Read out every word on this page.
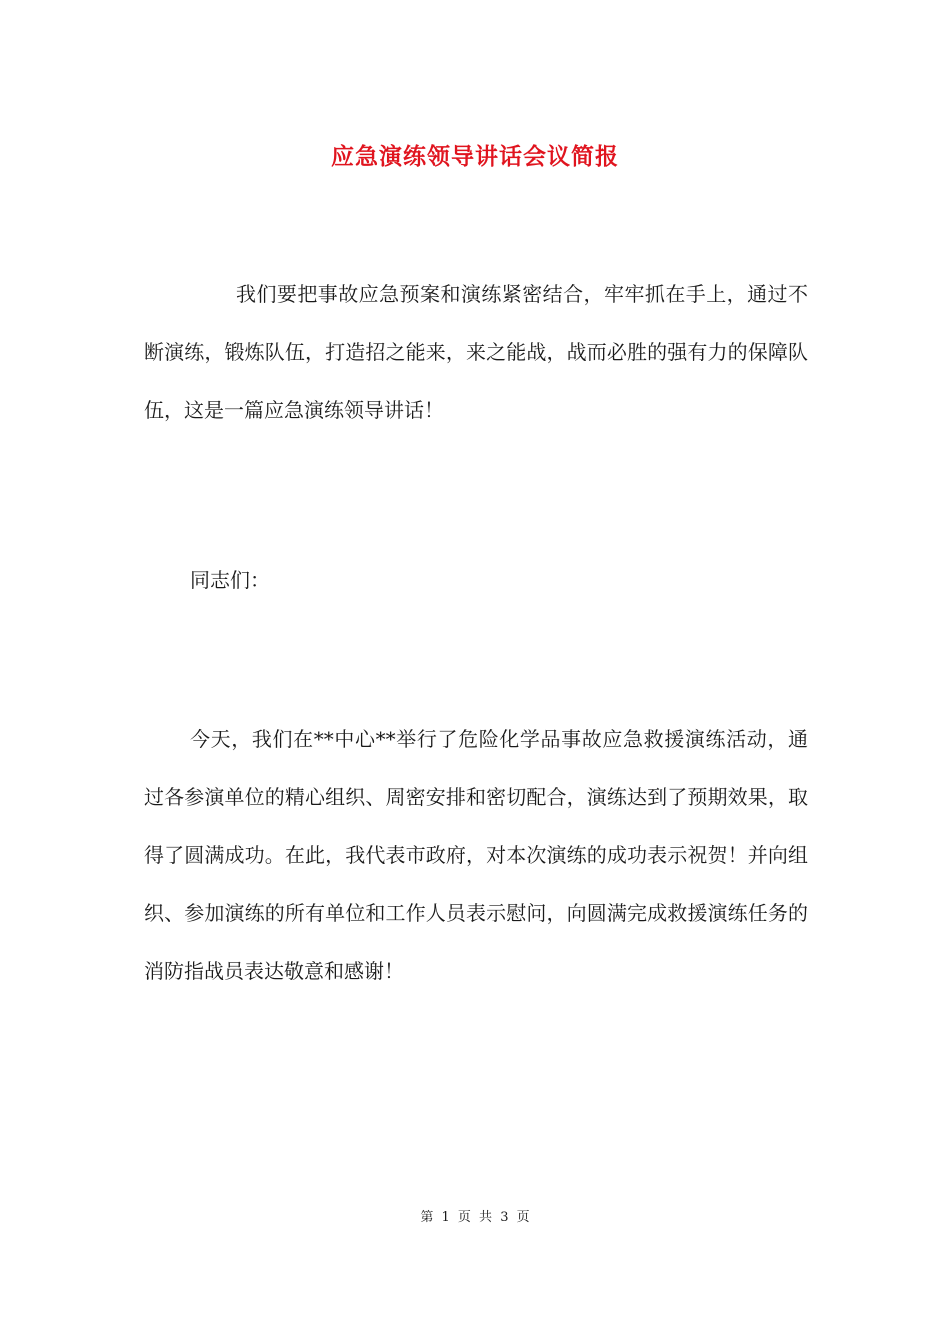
应急演练领导讲话会议简报

我们要把事故应急预案和演练紧密结合，牢牢抓在手上，通过不断演练，锻炼队伍，打造招之能来，来之能战，战而必胜的强有力的保障队伍，这是一篇应急演练领导讲话！

同志们：

今天，我们在**中心**举行了危险化学品事故应急救援演练活动，通过各参演单位的精心组织、周密安排和密切配合，演练达到了预期效果，取得了圆满成功。在此，我代表市政府，对本次演练的成功表示祝贺！并向组织、参加演练的所有单位和工作人员表示慰问，向圆满完成救援演练任务的消防指战员表达敬意和感谢！

第 1 页 共 3 页
